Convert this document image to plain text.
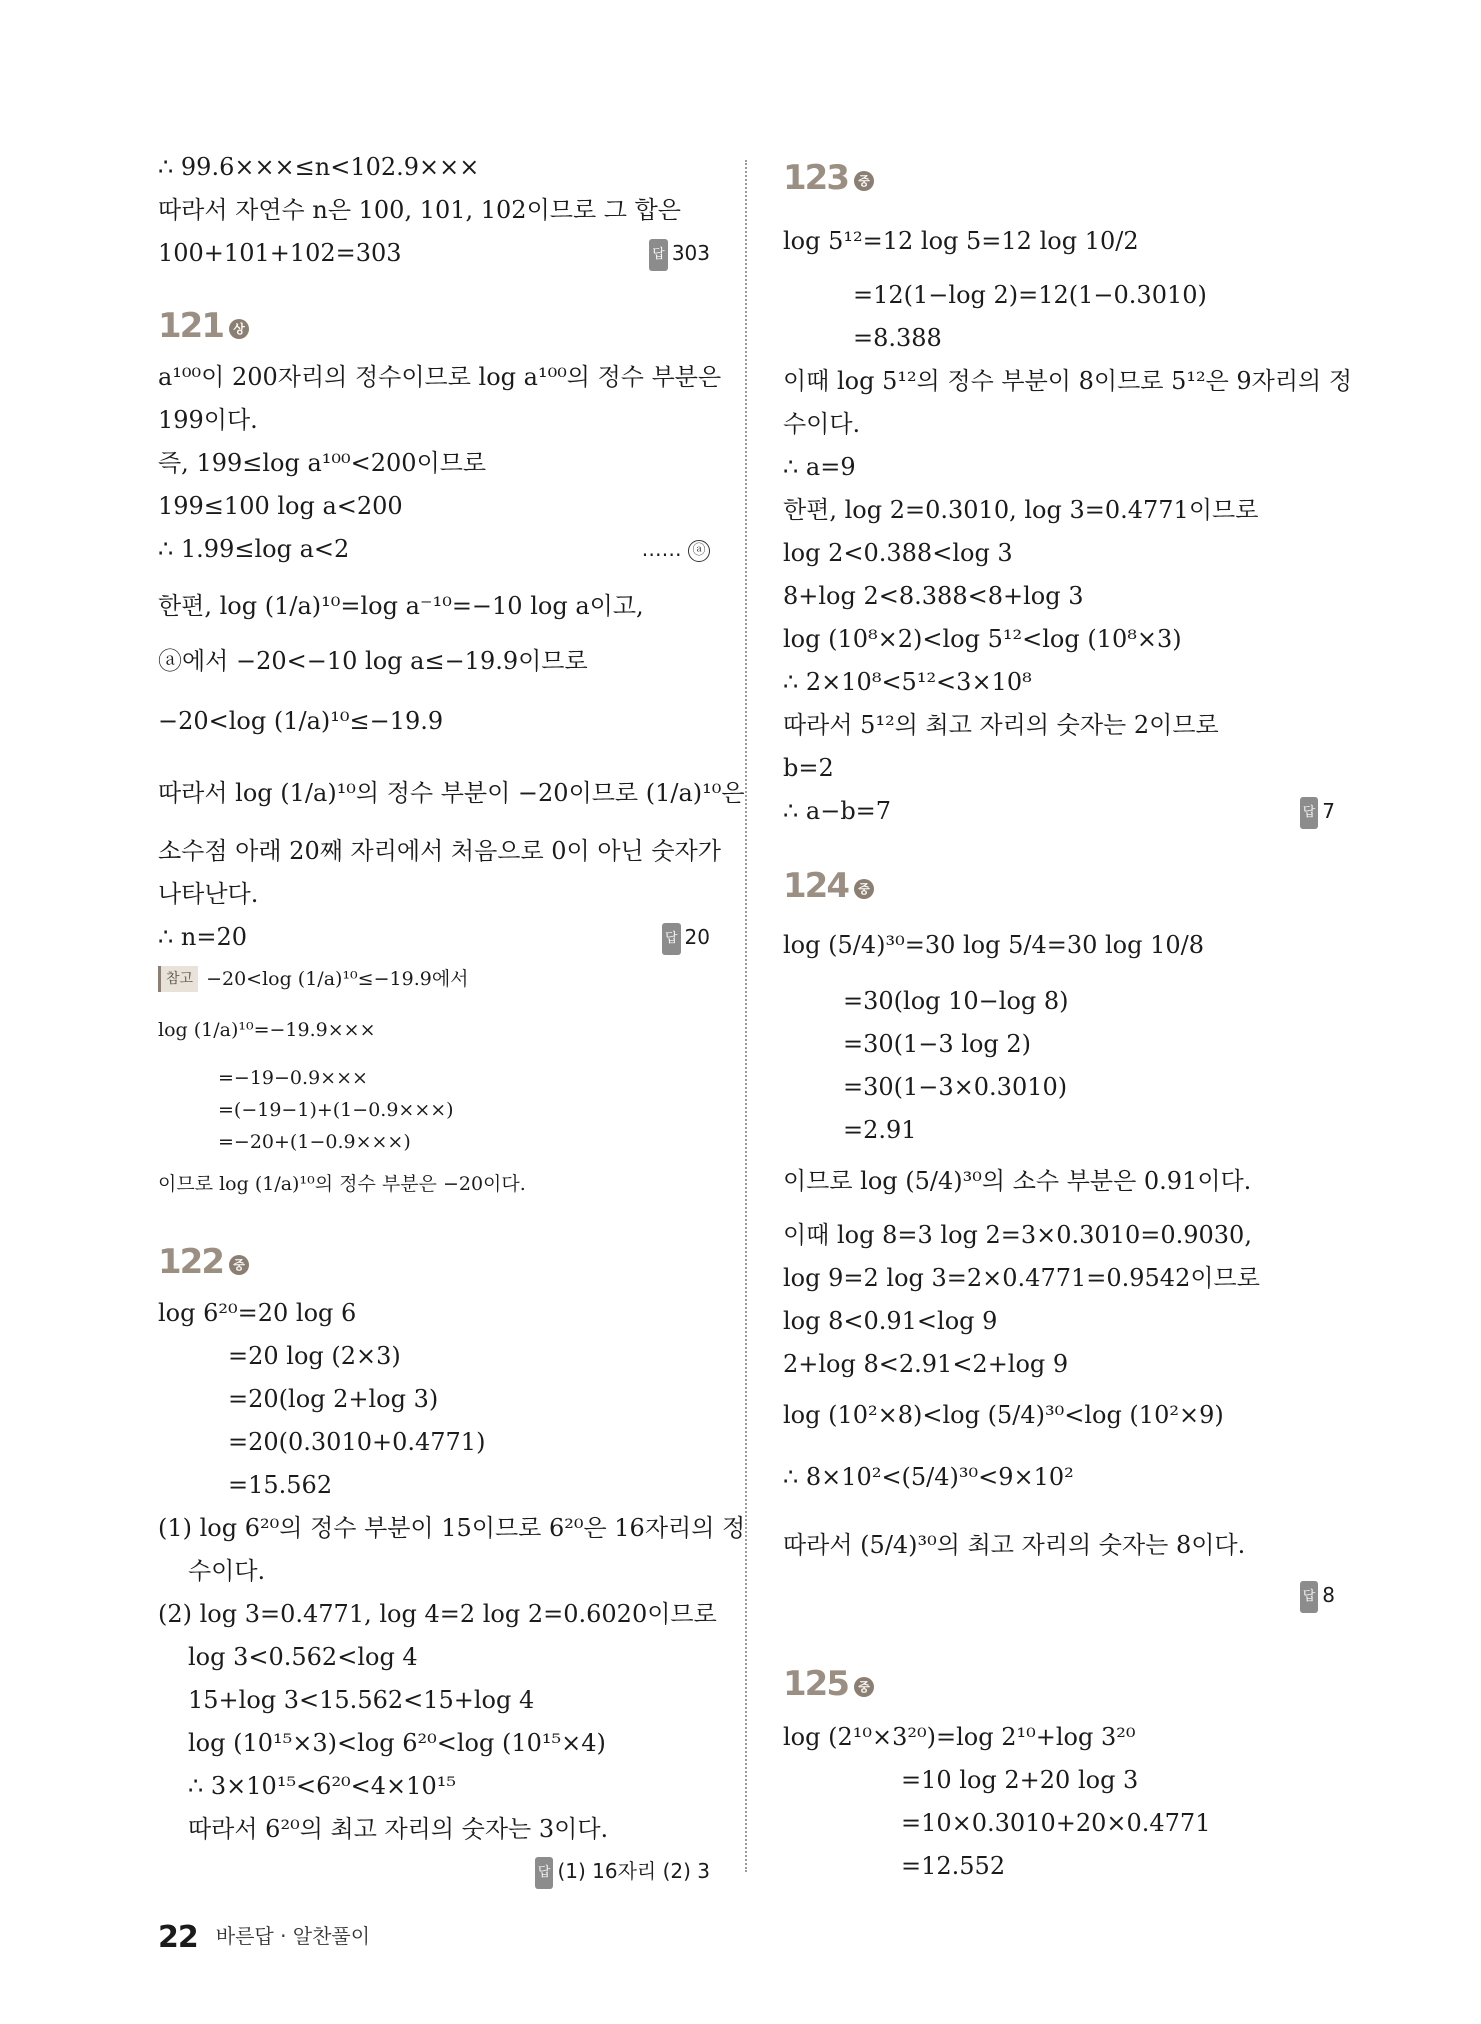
∴ 99.6×××≤n<102.9×××
따라서 자연수 n은 100, 101, 102이므로 그 합은
100+101+102=303	답 303
121 상
a¹⁰⁰이 200자리의 정수이므로 log a¹⁰⁰의 정수 부분은
199이다.
즉, 199≤log a¹⁰⁰<200이므로
199≤100 log a<200
∴ 1.99≤log a<2	…… ⓐ
한편, log (1/a)¹⁰=log a⁻¹⁰=−10 log a이고,
ⓐ에서 −20<−10 log a≤−19.9이므로
−20<log (1/a)¹⁰≤−19.9
따라서 log (1/a)¹⁰의 정수 부분이 −20이므로 (1/a)¹⁰은
소수점 아래 20째 자리에서 처음으로 0이 아닌 숫자가
나타난다.
∴ n=20	답 20
참고 −20<log (1/a)¹⁰≤−19.9에서
log (1/a)¹⁰=−19.9×××
=−19−0.9×××
=(−19−1)+(1−0.9×××)
=−20+(1−0.9×××)
이므로 log (1/a)¹⁰의 정수 부분은 −20이다.
122 중
log 6²⁰=20 log 6
=20 log (2×3)
=20(log 2+log 3)
=20(0.3010+0.4771)
=15.562
(1) log 6²⁰의 정수 부분이 15이므로 6²⁰은 16자리의 정
수이다.
(2) log 3=0.4771, log 4=2 log 2=0.6020이므로
log 3<0.562<log 4
15+log 3<15.562<15+log 4
log (10¹⁵×3)<log 6²⁰<log (10¹⁵×4)
∴ 3×10¹⁵<6²⁰<4×10¹⁵
따라서 6²⁰의 최고 자리의 숫자는 3이다.
답 (1) 16자리 (2) 3
123 중
log 5¹²=12 log 5=12 log 10/2
=12(1−log 2)=12(1−0.3010)
=8.388
이때 log 5¹²의 정수 부분이 8이므로 5¹²은 9자리의 정
수이다.
∴ a=9
한편, log 2=0.3010, log 3=0.4771이므로
log 2<0.388<log 3
8+log 2<8.388<8+log 3
log (10⁸×2)<log 5¹²<log (10⁸×3)
∴ 2×10⁸<5¹²<3×10⁸
따라서 5¹²의 최고 자리의 숫자는 2이므로
b=2
∴ a−b=7	답 7
124 중
log (5/4)³⁰=30 log 5/4=30 log 10/8
=30(log 10−log 8)
=30(1−3 log 2)
=30(1−3×0.3010)
=2.91
이므로 log (5/4)³⁰의 소수 부분은 0.91이다.
이때 log 8=3 log 2=3×0.3010=0.9030,
log 9=2 log 3=2×0.4771=0.9542이므로
log 8<0.91<log 9
2+log 8<2.91<2+log 9
log (10²×8)<log (5/4)³⁰<log (10²×9)
∴ 8×10²<(5/4)³⁰<9×10²
따라서 (5/4)³⁰의 최고 자리의 숫자는 8이다.
답 8
125 중
log (2¹⁰×3²⁰)=log 2¹⁰+log 3²⁰
=10 log 2+20 log 3
=10×0.3010+20×0.4771
=12.552
22 바른답 · 알찬풀이
